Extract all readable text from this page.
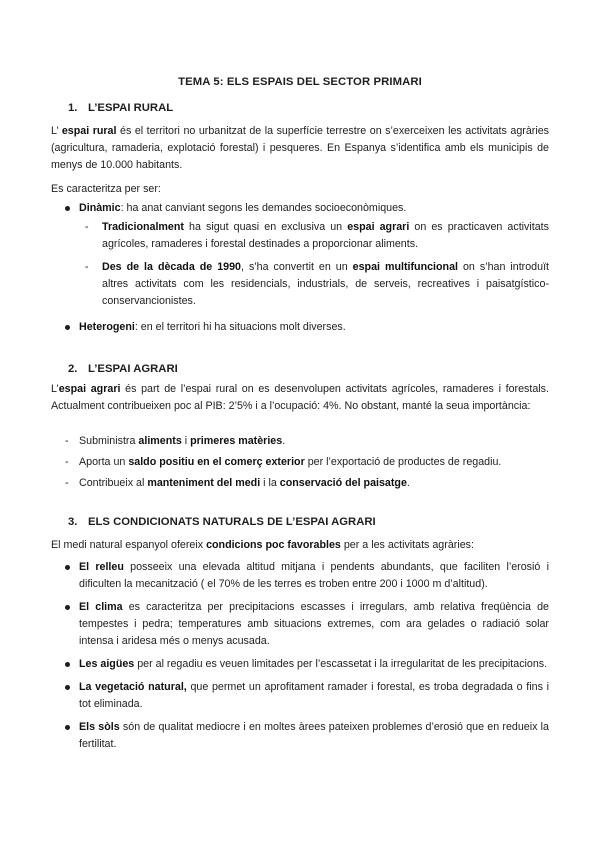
TEMA 5: ELS ESPAIS DEL SECTOR PRIMARI
1. L’ESPAI RURAL
L’ espai rural és el territori no urbanitzat de la superfície terrestre on s’exerceixen les activitats agràries (agricultura, ramaderia, explotació forestal) i pesqueres. En Espanya s’identifica amb els municipis de menys de 10.000 habitants.
Es caracteritza per ser:
Dinàmic: ha anat canviant segons les demandes socioeconòmiques.
- Tradicionalment ha sigut quasi en exclusiva un espai agrari on es practicaven activitats agrícoles, ramaderes i forestal destinades a proporcionar aliments.
- Des de la dècada de 1990, s’ha convertit en un espai multifuncional on s’han introduït altres activitats com les residencials, industrials, de serveis, recreatives i paisatgístico-conservancionistes.
Heterogeni: en el territori hi ha situacions molt diverses.
2. L’ESPAI AGRARI
L’espai agrari és part de l’espai rural on es desenvolupen activitats agrícoles, ramaderes i forestals. Actualment contribueixen poc al PIB: 2’5% i a l’ocupació: 4%. No obstant, manté la seua importància:
- Subministra aliments i primeres matèries.
- Aporta un saldo positiu en el comerç exterior per l’exportació de productes de regadiu.
- Contribueix al manteniment del medi i la conservació del paisatge.
3. ELS CONDICIONATS NATURALS DE L’ESPAI AGRARI
El medi natural espanyol ofereix condicions poc favorables per a les activitats agràries:
El relleu posseeix una elevada altitud mitjana i pendents abundants, que faciliten l’erosió i dificulten la mecanització ( el 70% de les terres es troben entre 200 i 1000 m d’altitud).
El clima es caracteritza per precipitacions escasses i irregulars, amb relativa freqüència de tempestes i pedra; temperatures amb situacions extremes, com ara gelades o radiació solar intensa i aridesa més o menys acusada.
Les aigües per al regadiu es veuen limitades per l’escassetat i la irregularitat de les precipitacions.
La vegetació natural, que permet un aprofitament ramader i forestal, es troba degradada o fins i tot eliminada.
Els sòls són de qualitat mediocre i en moltes àrees pateixen problemes d’erosió que en redueix la fertilitat.
